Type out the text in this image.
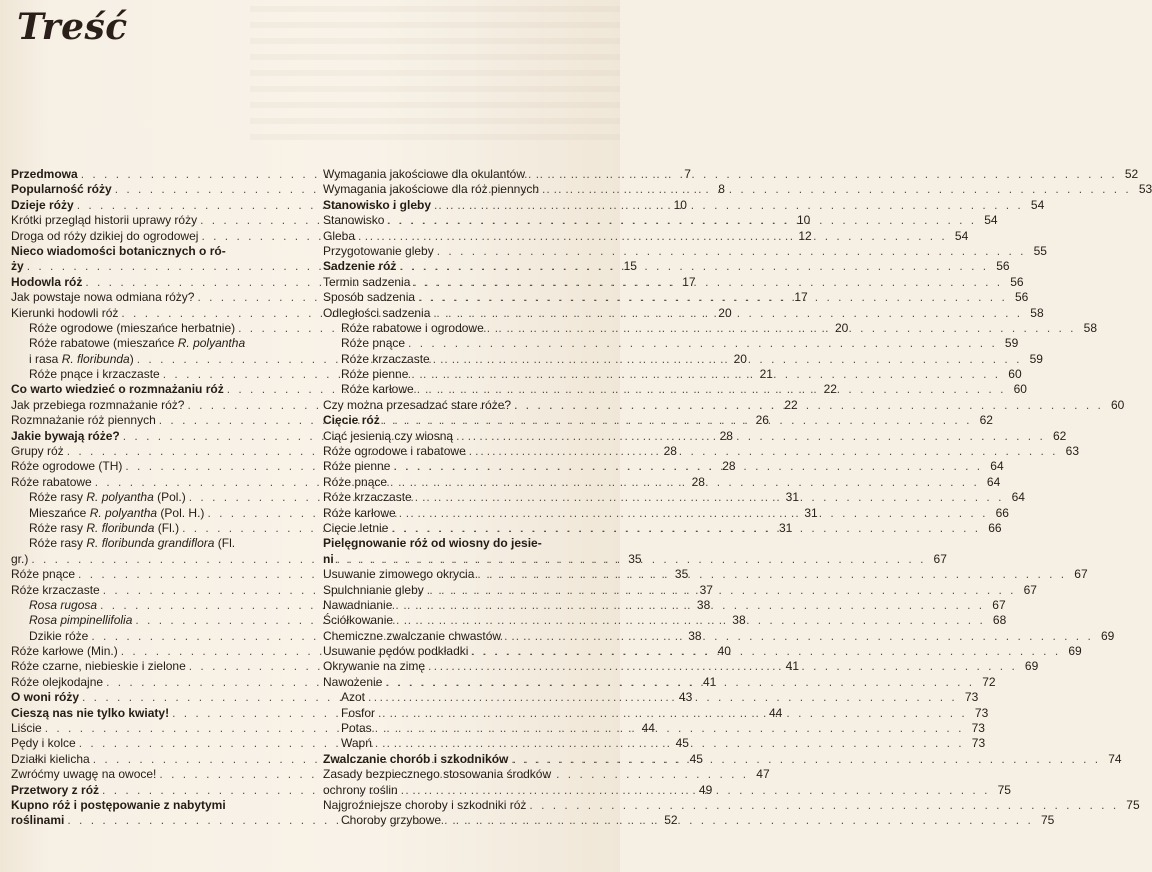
Treść
Przedmowa . . .	7
Popularność róży . . .	8
Dzieje róży . . .	10
Krótki przegląd historii uprawy róży . . .	10
Droga od róży dzikiej do ogrodowej . . .	12
Nieco wiadomości botanicznych o ró-
ży . . .	15
Hodowla róż . . .	17
Jak powstaje nowa odmiana róży? . . .	17
Kierunki hodowli róż . . .	20
Róże ogrodowe (mieszańce herbatnie) . . .	20
Róże rabatowe (mieszańce R. polyantha
i rasa R. floribunda) . . .	20
Róże pnące i krzaczaste . . .	21
Co warto wiedzieć o rozmnażaniu róż . . .	22
Jak przebiega rozmnażanie róż? . . .	22
Rozmnażanie róż piennych . . .	26
Jakie bywają róże? . . .	28
Grupy róż . . .	28
Róże ogrodowe (TH) . . .	28
Róże rabatowe . . .	28
Róże rasy R. polyantha (Pol.) . . .	31
Mieszańce R. polyantha (Pol. H.) . . .	31
Róże rasy R. floribunda (Fl.) . . .	31
Róże rasy R. floribunda grandiflora (Fl.
gr.) . . .	35
Róże pnące . . .	35
Róże krzaczaste . . .	37
Rosa rugosa . . .	38
Rosa pimpinellifolia . . .	38
Dzikie róże . . .	38
Róże karłowe (Min.) . . .	40
Róże czarne, niebieskie i zielone . . .	41
Róże olejkodajne . . .	41
O woni róży . . .	43
Cieszą nas nie tylko kwiaty! . . .	44
Liście . . .	44
Pędy i kolce . . .	45
Działki kielicha . . .	45
Zwróćmy uwagę na owoce! . . .	47
Przetwory z róż . . .	49
Kupno róż i postępowanie z nabytymi
roślinami . . .	52
Wymagania jakościowe dla okulantów . . .	52
Wymagania jakościowe dla róż piennych . . .	53
Stanowisko i gleby . . .	54
Stanowisko . . .	54
Gleba . . .	54
Przygotowanie gleby . . .	55
Sadzenie róż . . .	56
Termin sadzenia . . .	56
Sposób sadzenia . . .	56
Odległości sadzenia . . .	58
Róże rabatowe i ogrodowe . . .	58
Róże pnące . . .	59
Róże krzaczaste . . .	59
Róże pienne . . .	60
Róże karłowe . . .	60
Czy można przesadzać stare róże? . . .	60
Cięcie róż . . .	62
Ciąć jesienią czy wiosną . . .	62
Róże ogrodowe i rabatowe . . .	63
Róże pienne . . .	64
Róże pnące . . .	64
Róże krzaczaste . . .	64
Róże karłowe . . .	66
Cięcie letnie . . .	66
Pielęgnowanie róż od wiosny do jesie-
ni . . .	67
Usuwanie zimowego okrycia . . .	67
Spulchnianie gleby . . .	67
Nawadnianie . . .	67
Ściółkowanie . . .	68
Chemiczne zwalczanie chwastów . . .	69
Usuwanie pędów podkładki . . .	69
Okrywanie na zimę . . .	69
Nawożenie . . .	72
Azot . . .	73
Fosfor . . .	73
Potas . . .	73
Wapń . . .	73
Zwalczanie chorób i szkodników . . .	74
Zasady bezpiecznego stosowania środków
ochrony roślin . . .	75
Najgroźniejsze choroby i szkodniki róż . . .	75
Choroby grzybowe . . .	75
